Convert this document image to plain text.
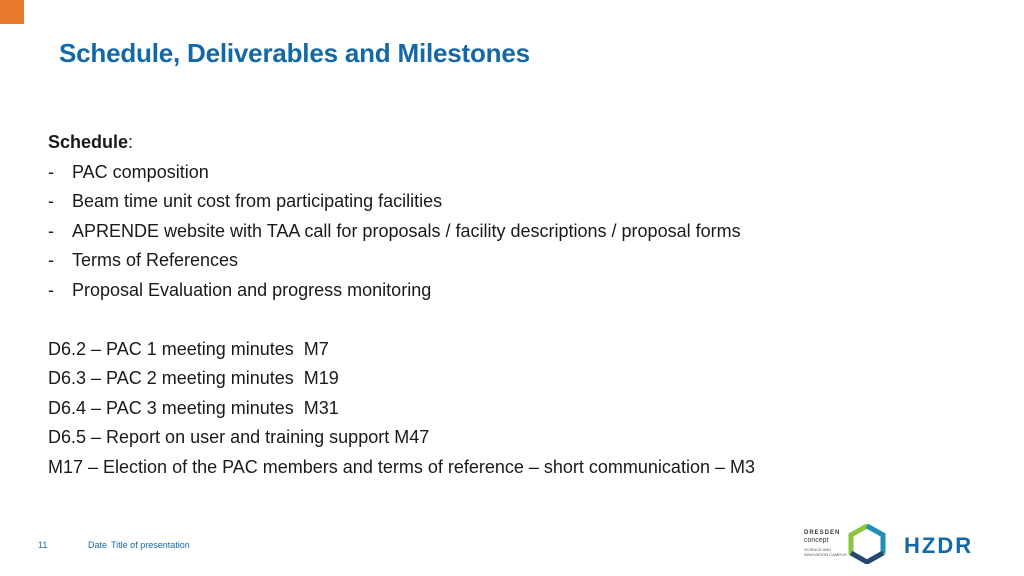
Schedule, Deliverables and Milestones
Schedule:
-	PAC composition
-	Beam time unit cost from participating facilities
-	APRENDE website with TAA call for proposals / facility descriptions / proposal forms
-	Terms of References
-	Proposal Evaluation and progress monitoring
D6.2 – PAC 1 meeting minutes  M7
D6.3 – PAC 2 meeting minutes  M19
D6.4 – PAC 3 meeting minutes  M31
D6.5 – Report on user and training support M47
M17 – Election of the PAC members and terms of reference – short communication – M3
11	Date Title of presentation
DRESDEN
concept
SCIENCE AND INNOVATION CAMPUS	HZDR
